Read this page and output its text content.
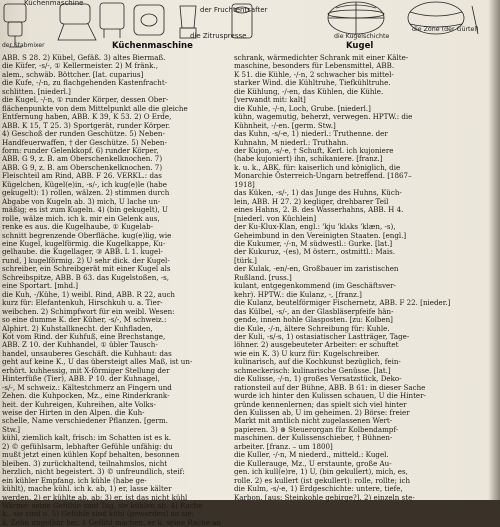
Küchenmaschine
der Fruchtentsafter
die Zitruspresse
die Zone (der Gürtel)
die Kugelschichte
der Stabmixer	Küchenmaschine	Kugel

ABB. S 28. 2) Kübel, Gefäß. 3) altes Biermaß.

die Küfer, -s/-, ① Kellermeister. 2) M fränk.,

alem., schwäb. Böttcher. [lat. cuparius]

die Kufe, -/-n, zu flachgehenden Kastenfracht-

schlitten. [niederl.]

die Kugel, -/-n, ① runder Körper, dessen Ober-

flächenpunkte von dem Mittelpunkt alle die gleiche

Entfernung haben, ABB. K 39, K 53. 2) O Erde,

ABB. K 15, T 25. 3) Sportgerät, runder Körper.

4) Geschoß der runden Geschütze. 5) Neben-

Handfeuerwaffen, † der Geschütze. 5) Neben-

form: runder Gelenkkopf. 6) runder Körper,

ABB. G 9, z. B. am Oberschenkelknochen. 7)

ABB. G 9, z. B. am Oberschenkelknochen. 7)

Fleischteil am Rind, ABB. F 26. VERKL.: das

Kügelchen, Kügel(e)in, -s/-, ich kug(e)le (habe

gekugelt): 1) rollen, wälzen. 2) stimmen durch

Abgabe von Kugeln ab. 3) mich, U lache un-

mäßig; es ist zum Kugeln. 4) (bin gekugelt), U

rolle, wälze mich. ich k. mir ein Gelenk aus,

renke es aus. die Kugelhaube, ① Kugelab-

schnitt begrenzende Oberfläche. kug(e)lig, wie

eine Kugel, kugelförmig. die Kugelkappe, Ku-

gelhaube. die Kugellager, ③ ABB. L 1. kugel-

rund, ] kugelförmig. 2) U sehr dick. der Kugel-

schreiber, ein Schreibgerät mit einer Kugel als

Schreibspitze, ABB. B 63. das Kugelstoßen, -s,

eine Sportart. [mhd.]

die Kuh, -/Kühe, 1) weibl. Rind, ABB. R 22, auch

kurz für: Elefantenkuh, Hirschkuh u. a. Tier-

weibchen. 2) Schimpfwort für ein weibl. Wesen:

so eine dumme K. der Küher, -s/-, M schweiz.:

Alphirt. 2) Kuhstallknecht. der Kuhfladen,

Kot vom Rind. der Kuhfuß, eine Brechstange,

ABB. Z 10. der Kuhhandel, ① übler Tausch-

handel, unsauberes Geschäft. die Kuhhaut: das

geht auf keine K., U das übersteigt alles Maß, ist un-

erhört. kuhhessig, mit X-förmiger Stellung der

Hinterfüße (Tier), ABB. P 10. der Kuhnagel,

-s/-, M schweiz.: Kältestchmerz an Fingern und

Zehen. die Kuhpocken, Mz., eine Rinderkrank-

heit. der Kuhreigen, Kuhreihen, alte Volks-

weise der Hirten in den Alpen. die Kuh-

schelle, Name verschiedener Pflanzen. [germ.

Stw.]

kühl, ziemlich kalt, frisch: im Schatten ist es k.

2) © gefühlsarm, lebhafter Gefühle unfähig: du

mußt jetzt einen kühlen Kopf behalten, besonnen

bleiben. 3) zurückhaltend, teilnahmslos, nicht

herzlich, nicht begeistert. 3) © unfreundlich, steif:

ein kühler Empfang. ich kühle (habe ge-

kühlt), mache kühl. ich k. ab, 1) er, lasse kälter

werden. 2) er kühlte ab, ab; 3) er, ist das nicht kühl

Wärme: seine Gefühle sind Tag, sie kühlen ab. 4) Rache

k., sie sind u. 5) Gefühle sind kühl (geworden) an sie;

k. Zehn ungefähr bei: 1 Gefühl machen, er k. seine Rache an

schrank, wärmedichter Schrank mit einer Kälte-

maschine, besonders für Lebensmittel, ABB.

K 51. die Kühle, -/-n, 2 schwacher bis mittel-

starker Wind. die Kühltruhe, Tiefkühltruhe.

die Kühlung, -/-en, das Kühlen, die Kühle.

[verwandt mit: kalt]

die Kuhle, -/-n, Loch, Grube. [niederl.]

kühn, wagemutig, beherzt, verwegen. HPTW.: die

Kühnheit, -/-en. [germ. Stw.]

das Kuhn, -s/-e, 1) niederl.: Truthenne. der

Kuhnahn, M niederl.: Truthahn.

der Kujon, -s/-e, † Schuft, Kerl. ich kujoniere

(habe kujoniert) ihn, schikaniere. [franz.]

k. u. k., ABK. für: kaiserlich und königlich, die

Monarchie Österreich-Ungarn betreffend. [1867–

1918]

das Küken, -s/-, 1) das Junge des Huhns, Küch-

lein, ABB. H 27. 2) kegliger, drehbarer Teil

eines Hahns, 2. B. des Wasserhahns, ABB. H 4.

[niederl. von Küchlein]

der Ku-Klux-Klan, engl.: 'kju 'klʌks 'klæn, -s),

Geheimbund in den Vereinigten Staaten. [engl.]

die Kukumer, -/-n, M südwestl.: Gurke. [lat.]

der Kukuruz, -(es), M österr., ostmittl.: Mais.

[türk.]

der Kulak, -en/-en, Großbauer im zaristischen

Rußland. [russ.]

kulant, entgegenkommend (im Geschäftsver-

kehr). HPTW.: die Kulanz, -, [franz.]

die Kulanz, beutelförmiger Fischernetz, ABB. F 22. [nieder.]

das Külbel, -s/-, an der Glasbläserpfeife hän-

gende, innen hohle Glasposten. [zu: Kolben]

die Kule, -/-n, ältere Schreibung für: Kuhle.

der Kuli, -s/-s, 1) ostasiatischer Lastträger, Tage-

löhner. 2) ausgebeuteter Arbeiter: er schuftet

wie ein K. 3) U kurz für: Kugelschreiber.

kulinarisch, auf die Kochkunst bezüglich, fein-

schmeckerisch: kulinarische Genüsse. [lat.]

die Kulisse, -/-n, 1) großes Versatzstück, Deko-

rationsteil auf der Bühne, ABB. B 61: in dieser Sache

wurde ich hinter den Kulissen schauen, U die Hinter-

gründe kennenlernen; das spielt sich viel hinter

den Kulissen ab, U im geheimen. 2) Börse: freier

Markt mit amtlich nicht zugelassenen Wert-

papieren. 3) ⊛ Steuerorgan für Kolbendampf-

maschinen. der Kulissenschieber, † Bühnen-

arbeiter. [franz. – um 1800]

die Kuller, -/-n, M niederd., mitteld.: Kugel.

die Kullerauge, Mz., U erstaunte, große Au-

gen. ich kull(e)re, 1) U, (bin gekullert), mich, es,

rolle. 2) es kullert (ist gekullert): rolle, rollte; ich

die Kulm, -s/-e, 1) Erdgeschichte: untere, tiefe,

Karbon. [aus: Steinkohle gebirge?], 2) einzeln ste-
